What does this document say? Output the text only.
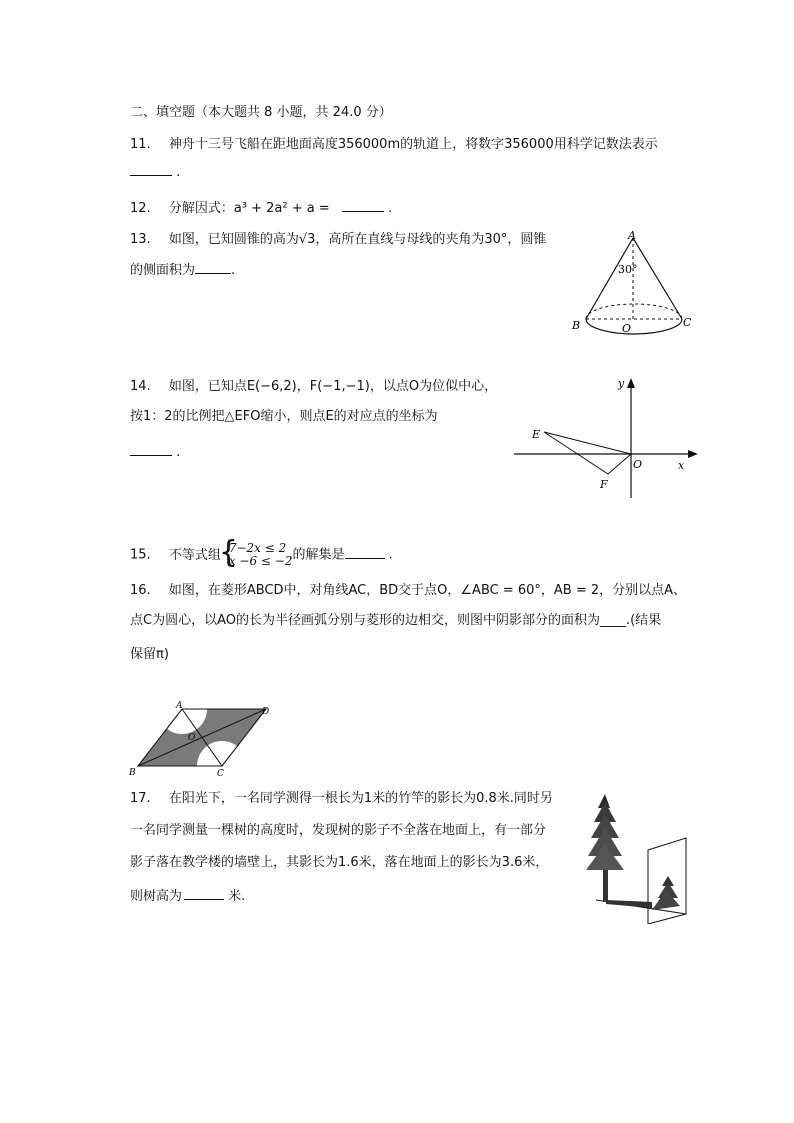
二、填空题（本大题共 8 小题，共 24.0 分）
11. 神舟十三号飞船在距地面高度356000m的轨道上，将数字356000用科学记数法表示
.
12. 分解因式：a³ + 2a² + a =	.
13. 如图，已知圆锥的高为√3，高所在直线与母线的夹角为30°，圆锥
的侧面积为	.
A
30°
B	C
O
14. 如图，已知点E(−6,2)，F(−1,−1)，以点O为位似中心，
按1：2的比例把△EFO缩小，则点E的对应点的坐标为
.
y
x
E
F
O
15. 不等式组
{ 7−2x ≤ 2
x −6 ≤ −2 的解集是	.
16. 如图，在菱形ABCD中，对角线AC，BD交于点O，∠ABC = 60°，AB = 2，分别以点A、
点C为圆心，以AO的长为半径画弧分别与菱形的边相交，则图中阴影部分的面积为____.(结果
保留π)
A
D
O
B	C
17. 在阳光下，一名同学测得一根长为1米的竹竿的影长为0.8米.同时另
一名同学测量一棵树的高度时，发现树的影子不全落在地面上，有一部分
影子落在教学楼的墙壁上，其影长为1.6米，落在地面上的影长为3.6米，
则树高为	米.
